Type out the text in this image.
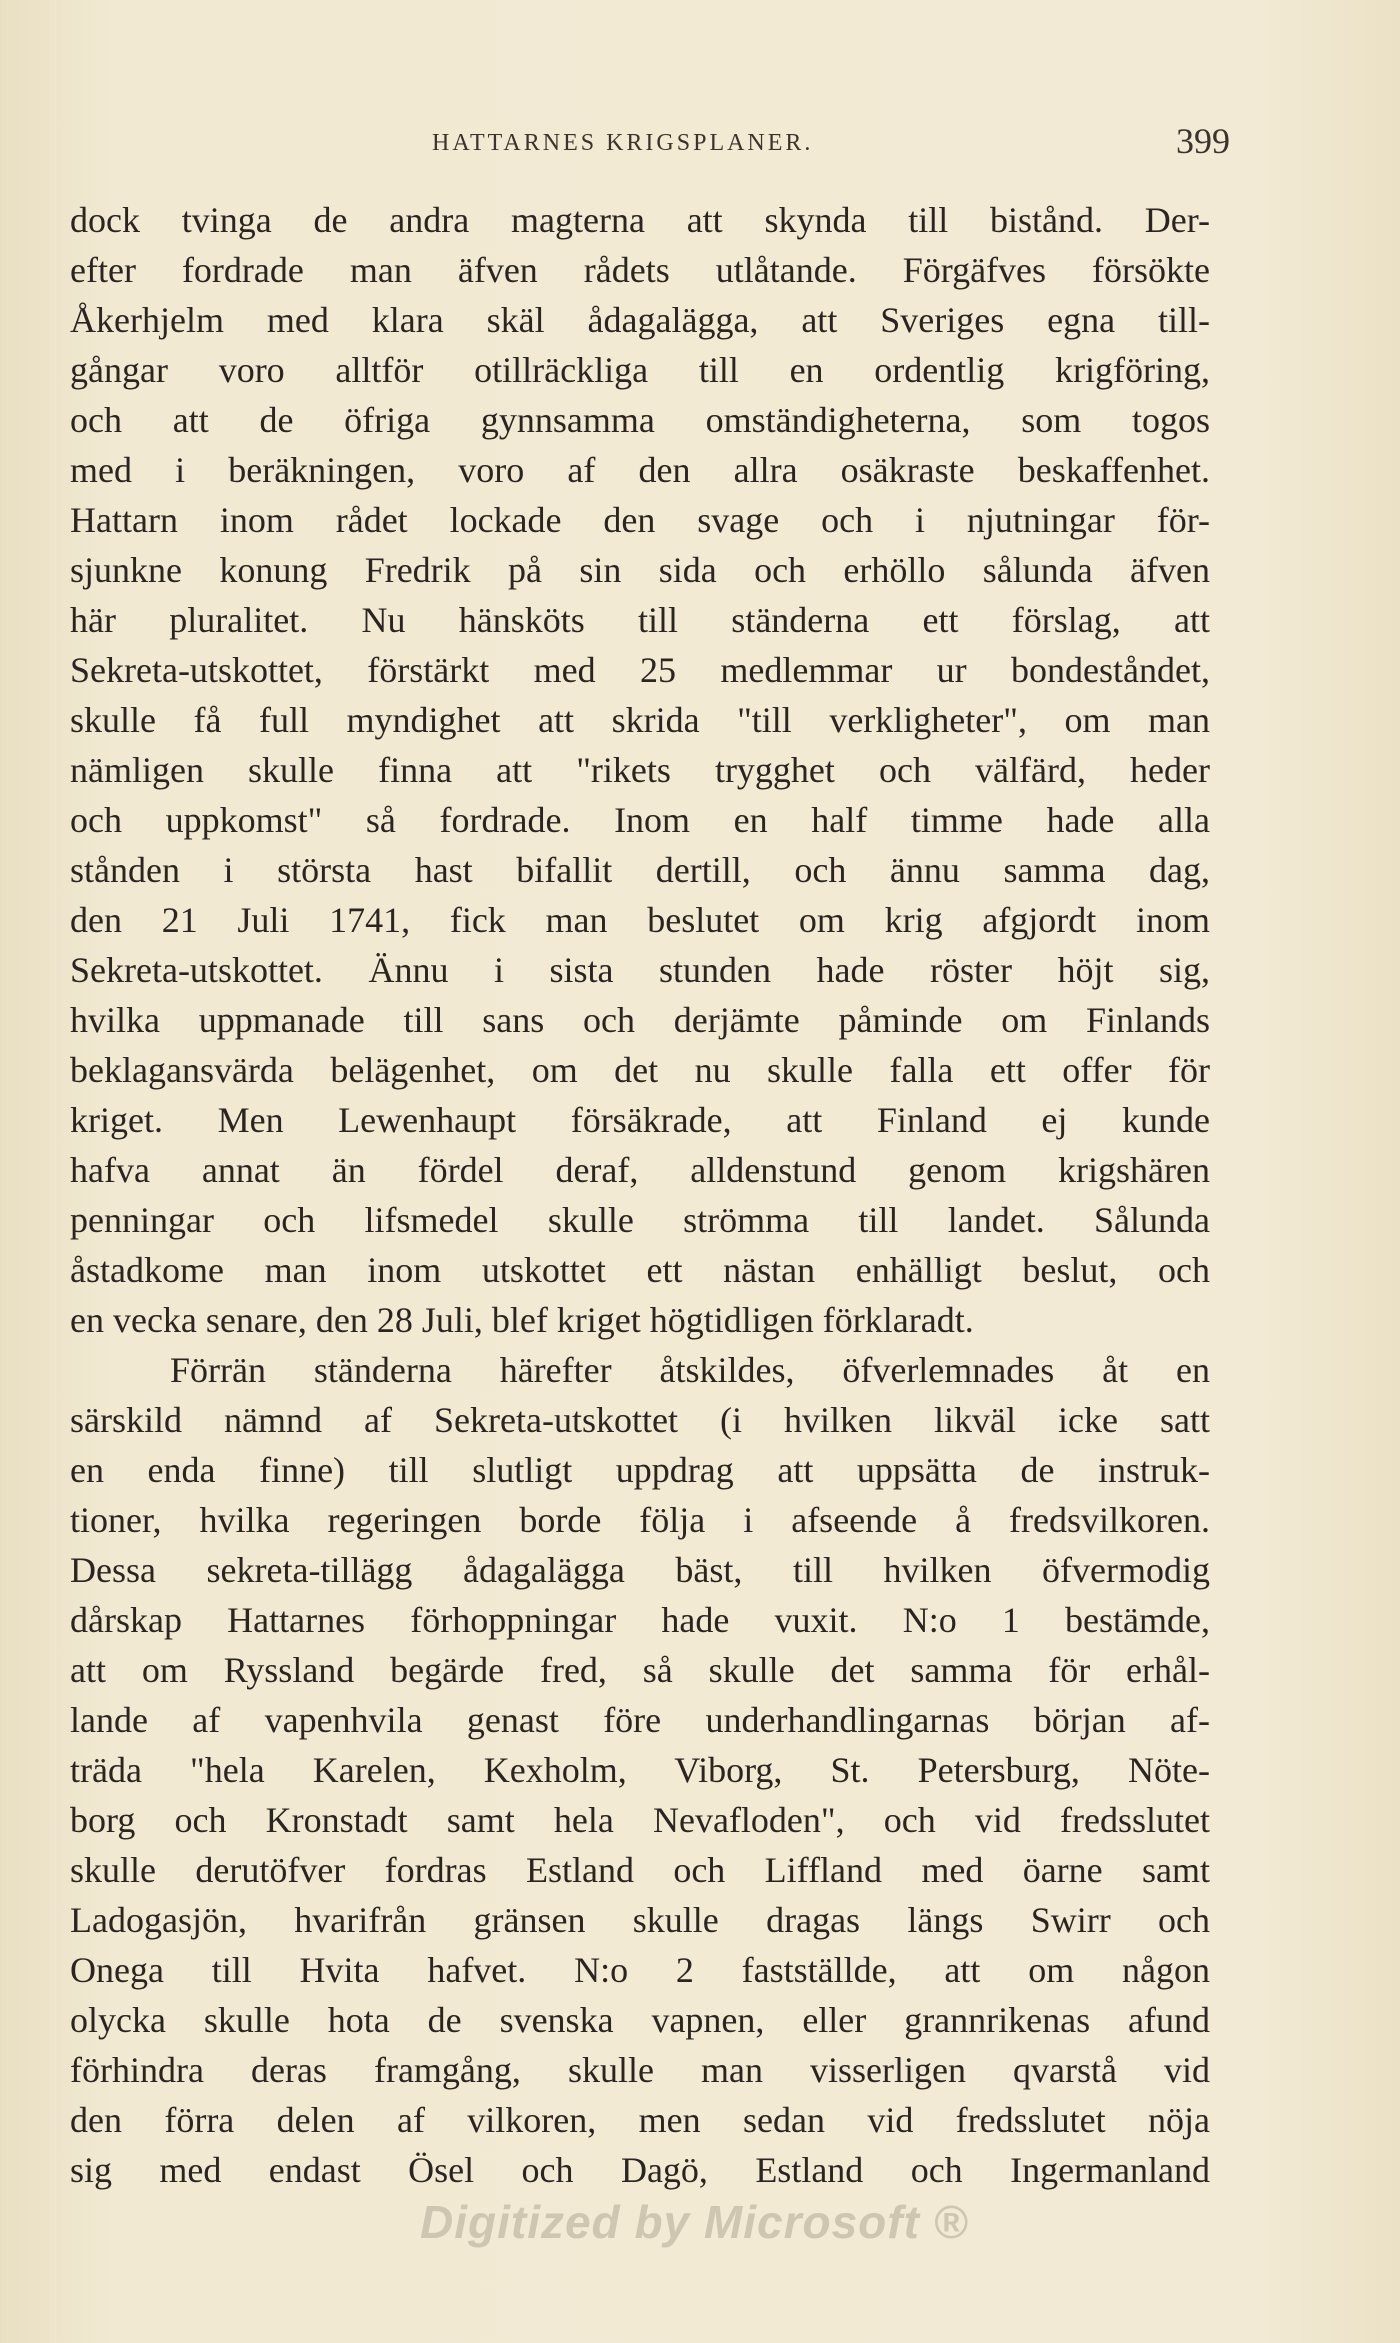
HATTARNES KRIGSPLANER.	399
dock tvinga de andra magterna att skynda till bistånd. Der-
efter fordrade man äfven rådets utlåtande. Förgäfves försökte
Åkerhjelm med klara skäl ådagalägga, att Sveriges egna till-
gångar voro alltför otillräckliga till en ordentlig krigföring,
och att de öfriga gynnsamma omständigheterna, som togos
med i beräkningen, voro af den allra osäkraste beskaffenhet.
Hattarn inom rådet lockade den svage och i njutningar för-
sjunkne konung Fredrik på sin sida och erhöllo sålunda äfven
här pluralitet. Nu hänsköts till ständerna ett förslag, att
Sekreta-utskottet, förstärkt med 25 medlemmar ur bondeståndet,
skulle få full myndighet att skrida "till verkligheter", om man
nämligen skulle finna att "rikets trygghet och välfärd, heder
och uppkomst" så fordrade. Inom en half timme hade alla
stånden i största hast bifallit dertill, och ännu samma dag,
den 21 Juli 1741, fick man beslutet om krig afgjordt inom
Sekreta-utskottet. Ännu i sista stunden hade röster höjt sig,
hvilka uppmanade till sans och derjämte påminde om Finlands
beklagansvärda belägenhet, om det nu skulle falla ett offer för
kriget. Men Lewenhaupt försäkrade, att Finland ej kunde
hafva annat än fördel deraf, alldenstund genom krigshären
penningar och lifsmedel skulle strömma till landet. Sålunda
åstadkome man inom utskottet ett nästan enhälligt beslut, och
en vecka senare, den 28 Juli, blef kriget högtidligen förklaradt.
Förrän ständerna härefter åtskildes, öfverlemnades åt en
särskild nämnd af Sekreta-utskottet (i hvilken likväl icke satt
en enda finne) till slutligt uppdrag att uppsätta de instruk-
tioner, hvilka regeringen borde följa i afseende å fredsvilkoren.
Dessa sekreta-tillägg ådagalägga bäst, till hvilken öfvermodig
dårskap Hattarnes förhoppningar hade vuxit. N:o 1 bestämde,
att om Ryssland begärde fred, så skulle det samma för erhål-
lande af vapenhvila genast före underhandlingarnas början af-
träda "hela Karelen, Kexholm, Viborg, St. Petersburg, Nöte-
borg och Kronstadt samt hela Nevafloden", och vid fredsslutet
skulle derutöfver fordras Estland och Liffland med öarne samt
Ladogasjön, hvarifrån gränsen skulle dragas längs Swirr och
Onega till Hvita hafvet. N:o 2 fastställde, att om någon
olycka skulle hota de svenska vapnen, eller grannrikenas afund
förhindra deras framgång, skulle man visserligen qvarstå vid
den förra delen af vilkoren, men sedan vid fredsslutet nöja
sig med endast Ösel och Dagö, Estland och Ingermanland
Digitized by Microsoft ®
